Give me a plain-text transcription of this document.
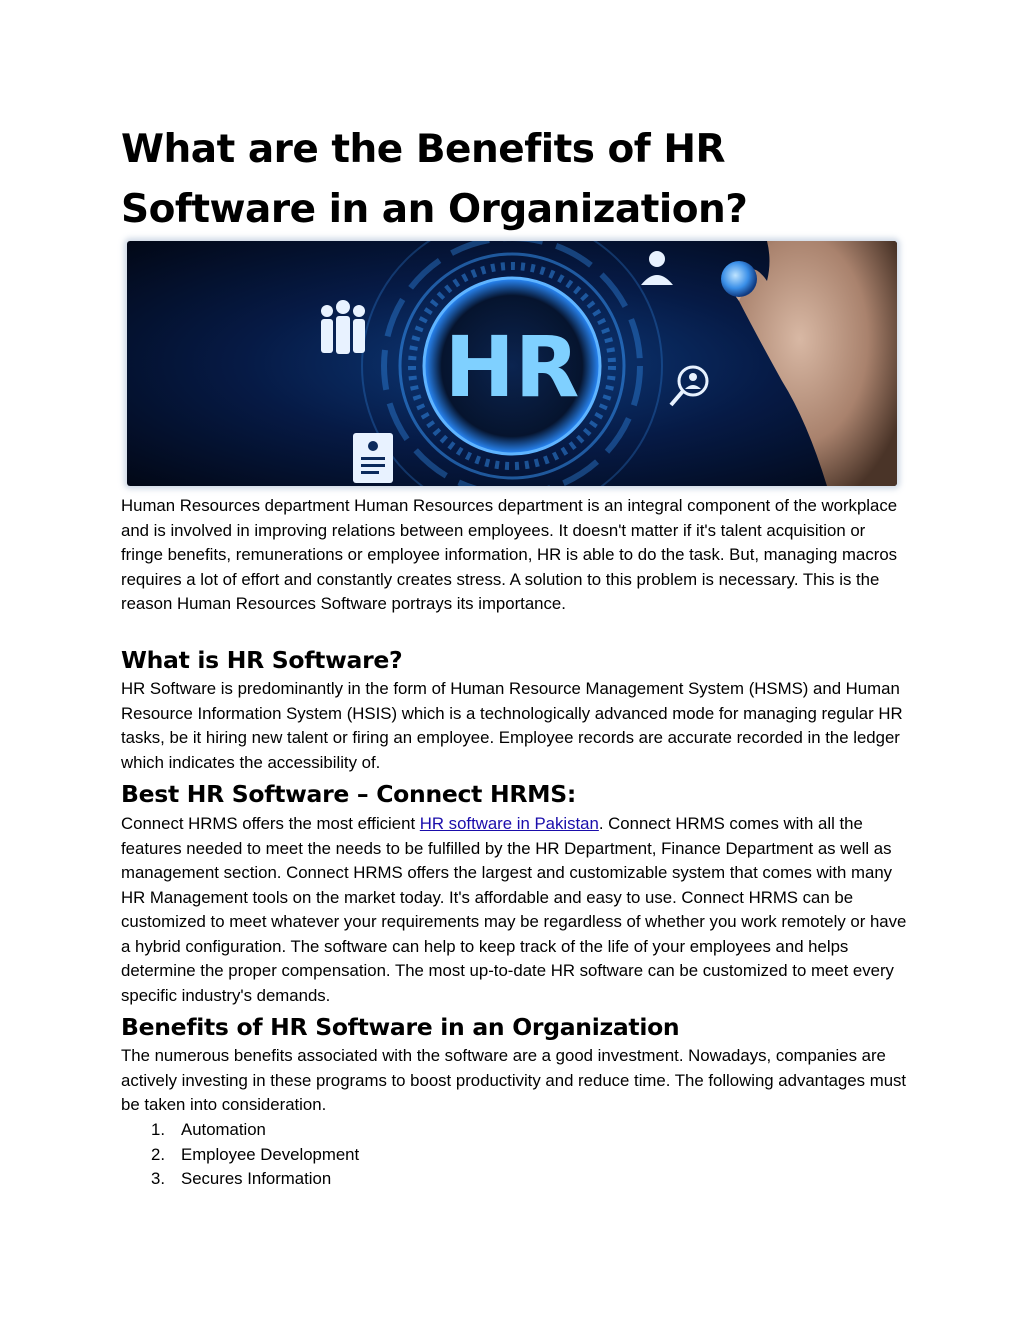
What are the Benefits of HR Software in an Organization?
HR

Human Resources department Human Resources department is an integral component of the workplace and is involved in improving relations between employees. It doesn't matter if it's talent acquisition or fringe benefits, remunerations or employee information, HR is able to do the task. But, managing macros requires a lot of effort and constantly creates stress. A solution to this problem is necessary. This is the reason Human Resources Software portrays its importance.

What is HR Software?

HR Software is predominantly in the form of Human Resource Management System (HSMS) and Human Resource Information System (HSIS) which is a technologically advanced mode for managing regular HR tasks, be it hiring new talent or firing an employee. Employee records are accurate recorded in the ledger which indicates the accessibility of.

Best HR Software – Connect HRMS:

Connect HRMS offers the most efficient HR software in Pakistan. Connect HRMS comes with all the features needed to meet the needs to be fulfilled by the HR Department, Finance Department as well as management section. Connect HRMS offers the largest and customizable system that comes with many HR Management tools on the market today. It's affordable and easy to use. Connect HRMS can be customized to meet whatever your requirements may be regardless of whether you work remotely or have a hybrid configuration. The software can help to keep track of the life of your employees and helps determine the proper compensation. The most up-to-date HR software can be customized to meet every specific industry's demands.

Benefits of HR Software in an Organization

The numerous benefits associated with the software are a good investment. Nowadays, companies are actively investing in these programs to boost productivity and reduce time. The following advantages must be taken into consideration.

1. Automation
2. Employee Development
3. Secures Information
